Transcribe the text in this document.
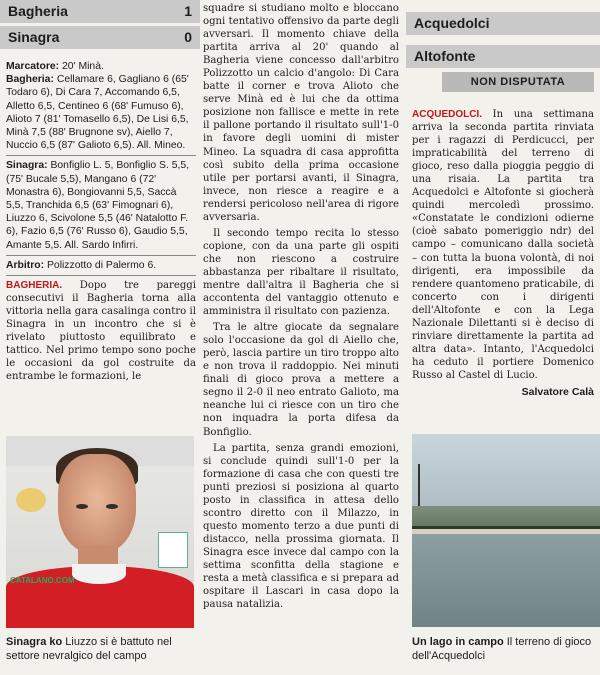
Bagheria	1
Sinagra	0

Marcatore: 20' Minà.

Bagheria: Cellamare 6, Gagliano 6 (65' Todaro 6), Di Cara 7, Accomando 6,5, Alletto 6,5, Centineo 6 (68' Fumuso 6), Alioto 7 (81' Tomasello 6,5), De Lisi 6,5, Minà 7,5 (88' Brugnone sv), Aiello 7, Nuccio 6,5 (87' Galioto 6,5). All. Mineo.

Sinagra: Bonfiglio L. 5, Bonfiglio S. 5,5, (75' Bucale 5,5), Mangano 6 (72' Monastra 6), Bongiovanni 5,5, Saccà 5,5, Tranchida 6,5 (63' Fimognari 6), Liuzzo 6, Scivolone 5,5 (46' Natalotto F. 6), Fazio 6,5 (76' Russo 6), Gaudio 5,5, Amante 5,5. All. Sardo Infirri.

Arbitro: Polizzotto di Palermo 6.

BAGHERIA. Dopo tre pareggi consecutivi il Bagheria torna alla vittoria nella gara casalinga contro il Sinagra in un incontro che si è rivelato piuttosto equilibrato e tattico. Nel primo tempo sono poche le occasioni da gol costruite da entrambe le formazioni, le

CATALANO.COM
Sinagra ko Liuzzo si è battuto nel settore nevralgico del campo

squadre si studiano molto e bloccano ogni tentativo offensivo da parte degli avversari. Il momento chiave della partita arriva al 20' quando al Bagheria viene concesso dall'arbitro Polizzotto un calcio d'angolo: Di Cara batte il corner e trova Alioto che serve Minà ed è lui che da ottima posizione non fallisce e mette in rete il pallone portando il risultato sull'1-0 in favore degli uomini di mister Mineo. La squadra di casa approfitta così subito della prima occasione utile per portarsi avanti, il Sinagra, invece, non riesce a reagire e a rendersi pericoloso nell'area di rigore avversaria.

Il secondo tempo recita lo stesso copione, con da una parte gli ospiti che non riescono a costruire abbastanza per ribaltare il risultato, mentre dall'altra il Bagheria che si accontenta del vantaggio ottenuto e amministra il risultato con pazienza.

Tra le altre giocate da segnalare solo l'occasione da gol di Aiello che, però, lascia partire un tiro troppo alto e non trova il raddoppio. Nei minuti finali di gioco prova a mettere a segno il 2-0 il neo entrato Galioto, ma neanche lui ci riesce con un tiro che non inquadra la porta difesa da Bonfiglio.

La partita, senza grandi emozioni, si conclude quindi sull'1-0 per la formazione di casa che con questi tre punti preziosi si posiziona al quarto posto in classifica in attesa dello scontro diretto con il Milazzo, in questo momento terzo a due punti di distacco, nella prossima giornata. Il Sinagra esce invece dal campo con la settima sconfitta della stagione e resta a metà classifica e si prepara ad ospitare il Lascari in casa dopo la pausa natalizia.

Acquedolci
Altofonte
NON DISPUTATA

ACQUEDOLCI. In una settimana arriva la seconda partita rinviata per i ragazzi di Perdicucci, per impraticabilità del terreno di gioco, reso dalla pioggia peggio di una risaia. La partita tra Acquedolci e Altofonte si giocherà quindi mercoledì prossimo. «Constatate le condizioni odierne (cioè sabato pomeriggio ndr) del campo – comunicano dalla società – con tutta la buona volontà, di noi dirigenti, era impossibile da rendere quantomeno praticabile, di concerto con i dirigenti dell'Altofonte e con la Lega Nazionale Dilettanti si è deciso di rinviare direttamente la partita ad altra data». Intanto, l'Acquedolci ha ceduto il portiere Domenico Russo al Castel di Lucio.

Salvatore Calà
Un lago in campo Il terreno di gioco dell'Acquedolci
